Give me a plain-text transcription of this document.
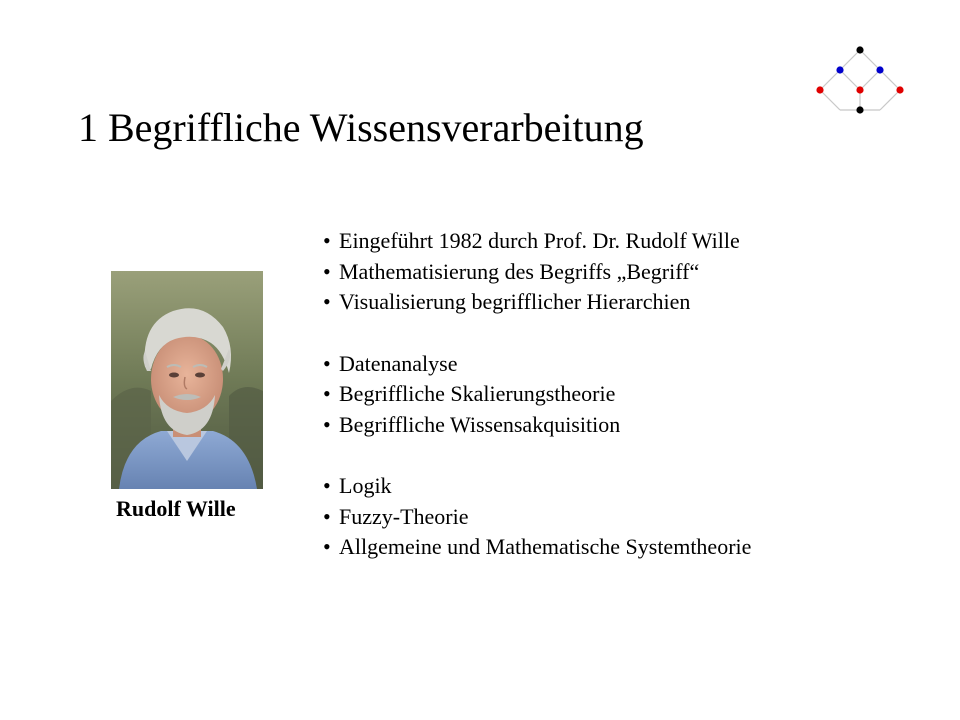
1 Begriffliche Wissensverarbeitung
Rudolf Wille
• Eingeführt 1982 durch Prof. Dr. Rudolf Wille
• Mathematisierung des Begriffs „Begriff“
• Visualisierung begrifflicher Hierarchien
• Datenanalyse
• Begriffliche Skalierungstheorie
• Begriffliche Wissensakquisition
• Logik
• Fuzzy-Theorie
• Allgemeine und Mathematische Systemtheorie
